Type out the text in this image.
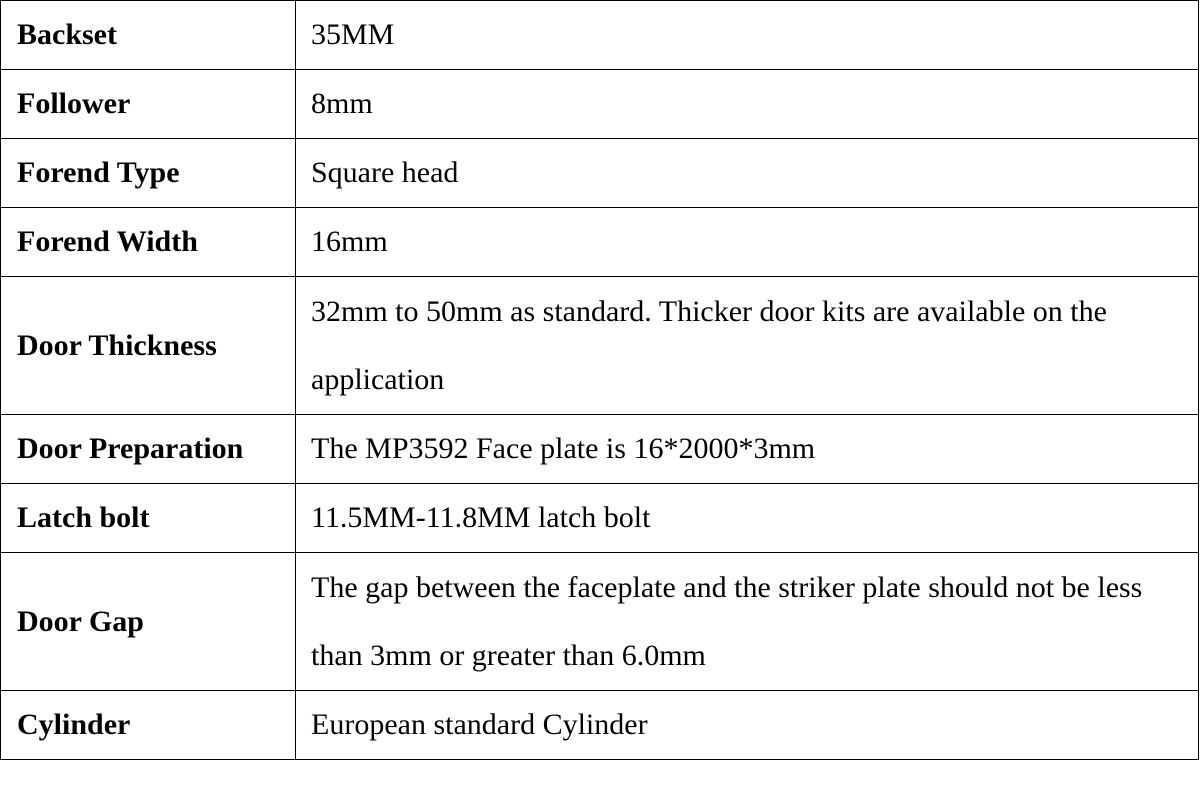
Backset	35MM
Follower	8mm
Forend Type	Square head
Forend Width	16mm
Door Thickness	32mm to 50mm as standard. Thicker door kits are available on the application
Door Preparation	The MP3592 Face plate is 16*2000*3mm
Latch bolt	11.5MM-11.8MM latch bolt
Door Gap	The gap between the faceplate and the striker plate should not be less than 3mm or greater than 6.0mm
Cylinder	European standard Cylinder
